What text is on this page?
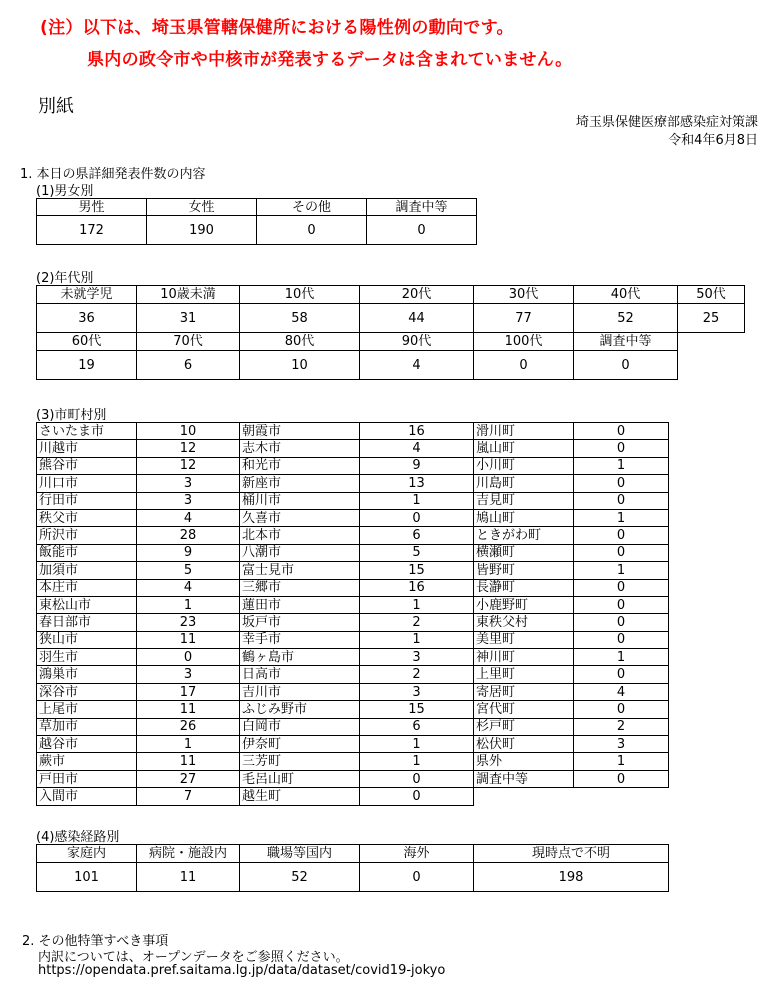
(注）以下は、埼玉県管轄保健所における陽性例の動向です。
県内の政令市や中核市が発表するデータは含まれていません。
別紙
埼玉県保健医療部感染症対策課
令和4年6月8日
1. 本日の県詳細発表件数の内容
(1)男女別
男性	女性	その他	調査中等
172	190	0	0
(2)年代別
未就学児	10歳未満	10代	20代	30代	40代	50代
36	31	58	44	77	52	25
60代	70代	80代	90代	100代	調査中等	
19	6	10	4	0	0	
(3)市町村別
さいたま市	10	朝霞市	16	滑川町	0
川越市	12	志木市	4	嵐山町	0
熊谷市	12	和光市	9	小川町	1
川口市	3	新座市	13	川島町	0
行田市	3	桶川市	1	吉見町	0
秩父市	4	久喜市	0	鳩山町	1
所沢市	28	北本市	6	ときがわ町	0
飯能市	9	八潮市	5	横瀬町	0
加須市	5	富士見市	15	皆野町	1
本庄市	4	三郷市	16	長瀞町	0
東松山市	1	蓮田市	1	小鹿野町	0
春日部市	23	坂戸市	2	東秩父村	0
狭山市	11	幸手市	1	美里町	0
羽生市	0	鶴ヶ島市	3	神川町	1
鴻巣市	3	日高市	2	上里町	0
深谷市	17	吉川市	3	寄居町	4
上尾市	11	ふじみ野市	15	宮代町	0
草加市	26	白岡市	6	杉戸町	2
越谷市	1	伊奈町	1	松伏町	3
蕨市	11	三芳町	1	県外	1
戸田市	27	毛呂山町	0	調査中等	0
入間市	7	越生町	0		
(4)感染経路別
家庭内	病院・施設内	職場等国内	海外	現時点で不明
101	11	52	0	198
2. その他特筆すべき事項
内訳については、オープンデータをご参照ください。
https://opendata.pref.saitama.lg.jp/data/dataset/covid19-jokyo
